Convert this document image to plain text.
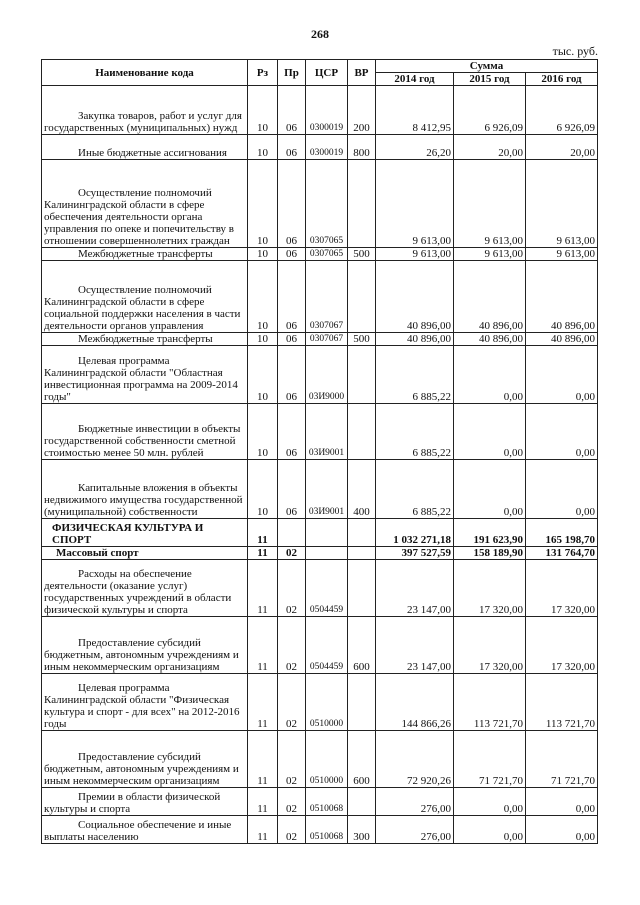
268
тыс. руб.
Наименование кода	Рз	Пр	ЦСР	ВР	Сумма		
					2014 год	2015 год	2016 год
Закупка товаров, работ и услуг для государственных (муниципальных) нужд	10	06	0300019	200	8 412,95	6 926,09	6 926,09
Иные бюджетные ассигнования	10	06	0300019	800	26,20	20,00	20,00
Осуществление полномочий Калининградской области в сфере обеспечения деятельности органа управления по опеке и попечительству в отношении совершеннолетних граждан	10	06	0307065		9 613,00	9 613,00	9 613,00
Межбюджетные трансферты	10	06	0307065	500	9 613,00	9 613,00	9 613,00
Осуществление полномочий Калининградской области в сфере социальной поддержки населения в части деятельности органов управления	10	06	0307067		40 896,00	40 896,00	40 896,00
Межбюджетные трансферты	10	06	0307067	500	40 896,00	40 896,00	40 896,00
Целевая программа Калининградской области "Областная инвестиционная программа на 2009-2014 годы"	10	06	03И9000		6 885,22	0,00	0,00
Бюджетные инвестиции в объекты государственной собственности сметной стоимостью менее 50 млн. рублей	10	06	03И9001		6 885,22	0,00	0,00
Капитальные вложения в объекты недвижимого имущества государственной (муниципальной) собственности	10	06	03И9001	400	6 885,22	0,00	0,00
ФИЗИЧЕСКАЯ КУЛЬТУРА И СПОРТ	11				1 032 271,18	191 623,90	165 198,70
Массовый спорт	11	02			397 527,59	158 189,90	131 764,70
Расходы на обеспечение деятельности (оказание услуг) государственных учреждений в области физической культуры и спорта	11	02	0504459		23 147,00	17 320,00	17 320,00
Предоставление субсидий бюджетным, автономным учреждениям и иным некоммерческим организациям	11	02	0504459	600	23 147,00	17 320,00	17 320,00
Целевая программа Калининградской области "Физическая культура и спорт - для всех" на 2012-2016 годы	11	02	0510000		144 866,26	113 721,70	113 721,70
Предоставление субсидий бюджетным, автономным учреждениям и иным некоммерческим организациям	11	02	0510000	600	72 920,26	71 721,70	71 721,70
Премии в области физической культуры и спорта	11	02	0510068		276,00	0,00	0,00
Социальное обеспечение и иные выплаты населению	11	02	0510068	300	276,00	0,00	0,00
